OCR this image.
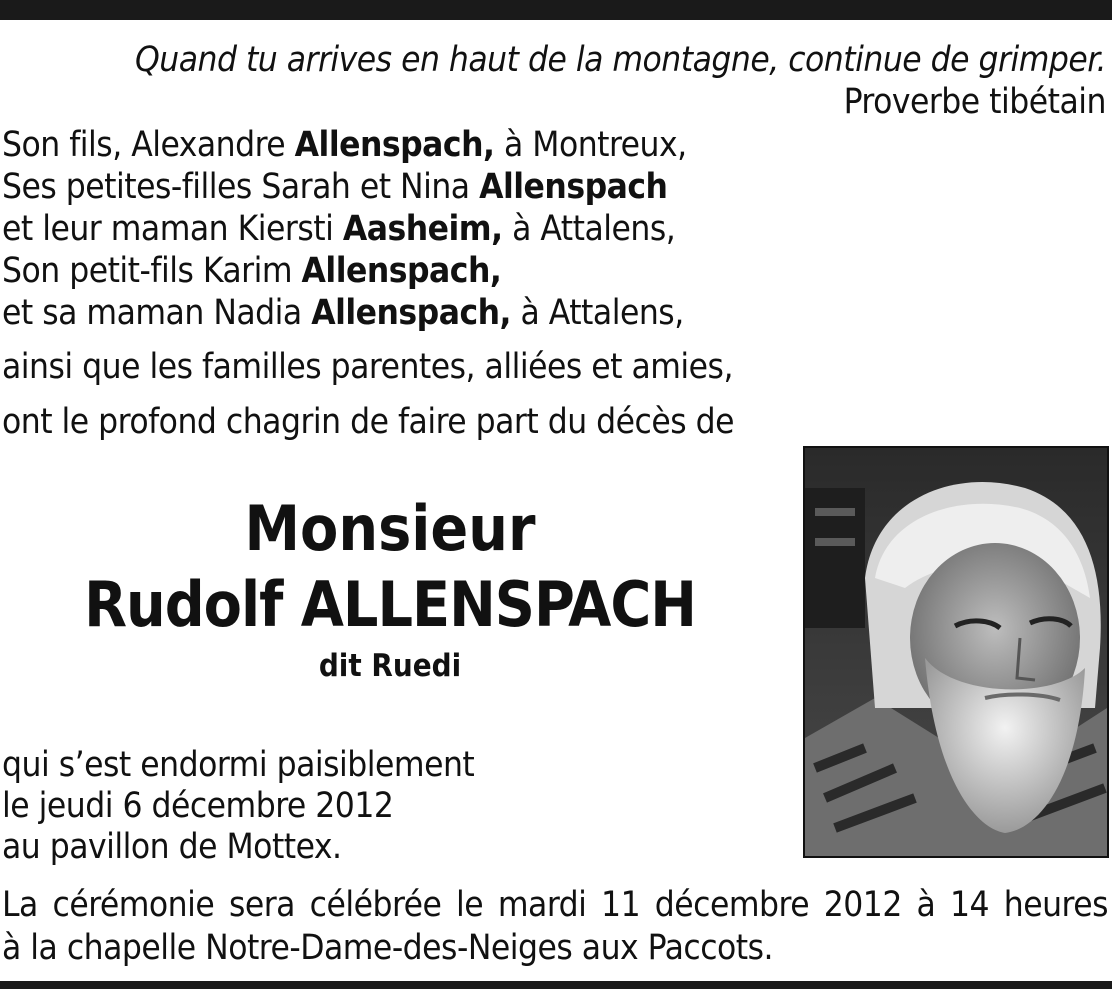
Quand tu arrives en haut de la montagne, continue de grimper.
Proverbe tibétain
Son fils, Alexandre Allenspach, à Montreux,
Ses petites-filles Sarah et Nina Allenspach
et leur maman Kiersti Aasheim, à Attalens,
Son petit-fils Karim Allenspach,
et sa maman Nadia Allenspach, à Attalens,
ainsi que les familles parentes, alliées et amies,
ont le profond chagrin de faire part du décès de
Monsieur
Rudolf ALLENSPACH
dit Ruedi
qui s’est endormi paisiblement
le jeudi 6 décembre 2012
au pavillon de Mottex.
La cérémonie sera célébrée le mardi 11 décembre 2012 à 14 heures
à la chapelle Notre-Dame-des-Neiges aux Paccots.
